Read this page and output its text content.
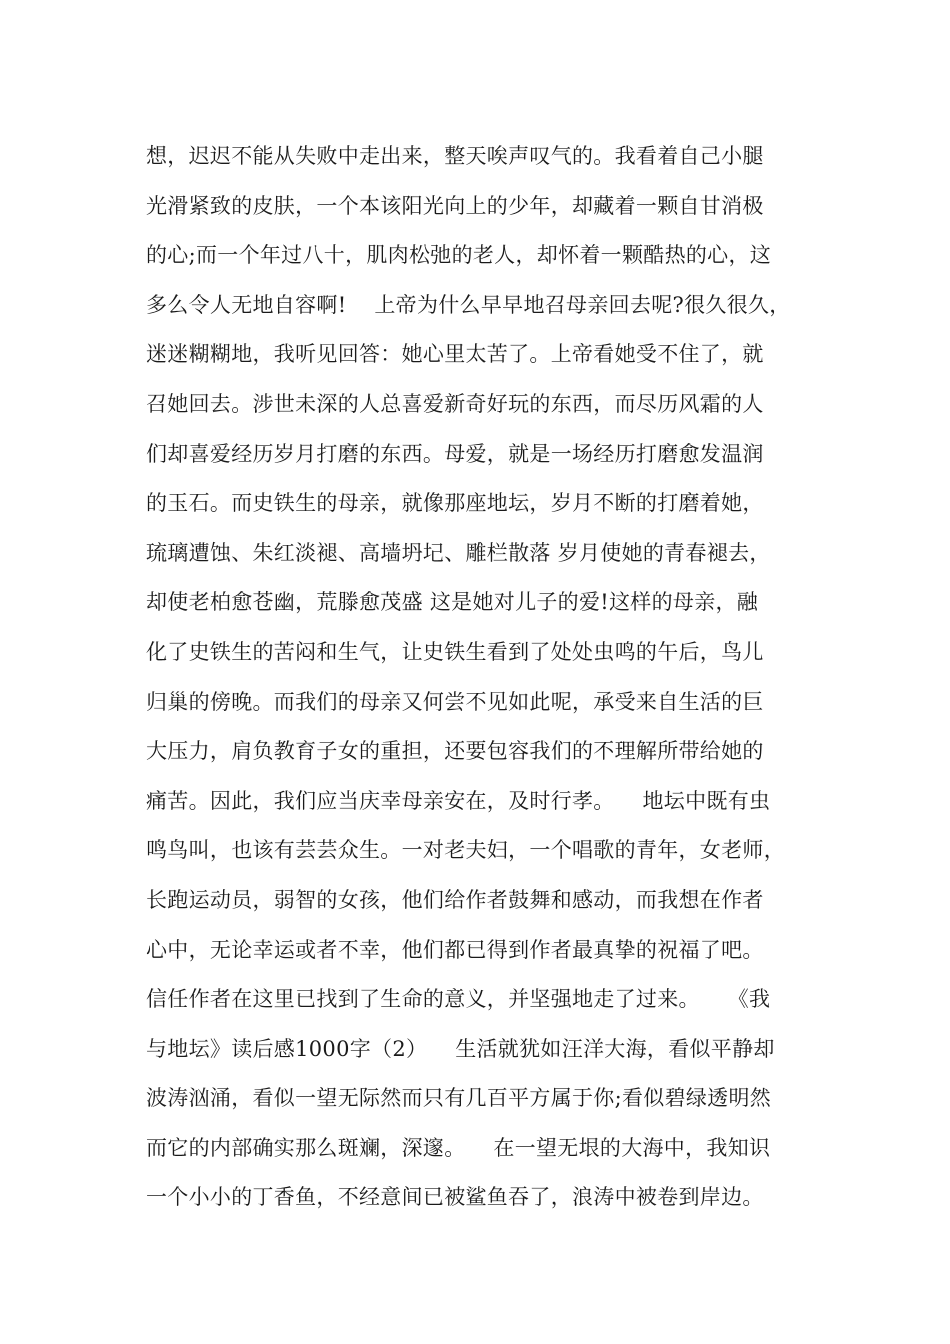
想，迟迟不能从失败中走出来，整天唉声叹气的。我看着自己小腿
光滑紧致的皮肤，一个本该阳光向上的少年，却藏着一颗自甘消极
的心;而一个年过八十，肌肉松弛的老人，却怀着一颗酷热的心，这
多么令人无地自容啊!    上帝为什么早早地召母亲回去呢?很久很久，
迷迷糊糊地，我听见回答：她心里太苦了。上帝看她受不住了，就
召她回去。涉世未深的人总喜爱新奇好玩的东西，而尽历风霜的人
们却喜爱经历岁月打磨的东西。母爱，就是一场经历打磨愈发温润
的玉石。而史铁生的母亲，就像那座地坛，岁月不断的打磨着她，
琉璃遭蚀、朱红淡褪、高墙坍圮、雕栏散落 岁月使她的青春褪去，
却使老柏愈苍幽，荒滕愈茂盛 这是她对儿子的爱!这样的母亲，融
化了史铁生的苦闷和生气，让史铁生看到了处处虫鸣的午后，鸟儿
归巢的傍晚。而我们的母亲又何尝不见如此呢，承受来自生活的巨
大压力，肩负教育子女的重担，还要包容我们的不理解所带给她的
痛苦。因此，我们应当庆幸母亲安在，及时行孝。    地坛中既有虫
鸣鸟叫，也该有芸芸众生。一对老夫妇，一个唱歌的青年，女老师，
长跑运动员，弱智的女孩，他们给作者鼓舞和感动，而我想在作者
心中，无论幸运或者不幸，他们都已得到作者最真挚的祝福了吧。
信任作者在这里已找到了生命的意义，并坚强地走了过来。    《我
与地坛》读后感1000字（2）    生活就犹如汪洋大海，看似平静却
波涛汹涌，看似一望无际然而只有几百平方属于你;看似碧绿透明然
而它的内部确实那么斑斓，深邃。    在一望无垠的大海中，我知识
一个小小的丁香鱼，不经意间已被鲨鱼吞了，浪涛中被卷到岸边。
